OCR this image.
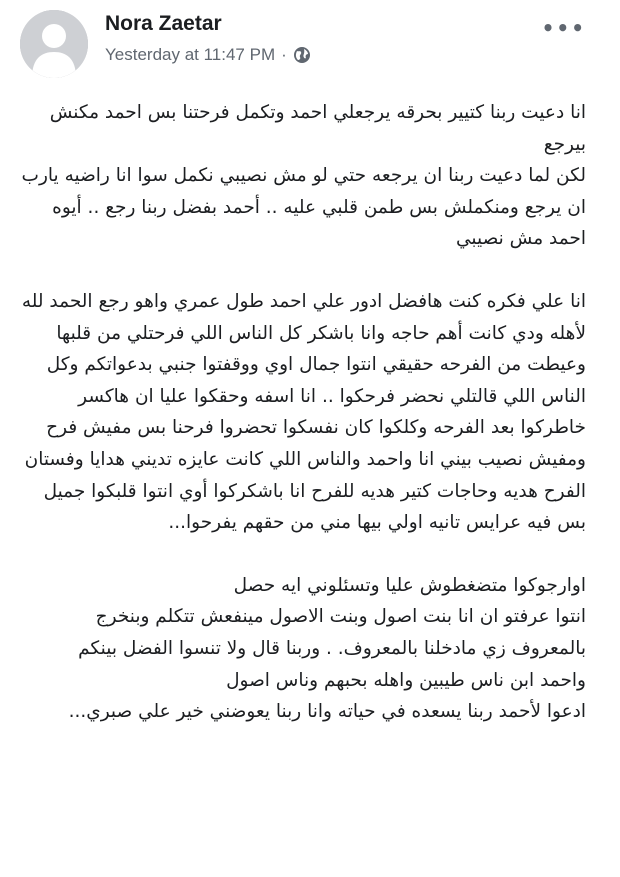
Nora Zaetar
Yesterday at 11:47 PM ·
•••

انا دعيت ربنا كتيير بحرقه يرجعلي احمد وتكمل فرحتنا بس احمد مكنش بيرجع
لكن لما دعيت ربنا ان يرجعه حتي لو مش نصيبي نكمل سوا انا راضيه يارب ان يرجع ومنكملش بس طمن قلبي عليه .. أحمد بفضل ربنا رجع .. أيوه احمد مش نصيبي

انا علي فكره كنت هافضل ادور علي احمد طول عمري واهو رجع الحمد لله لأهله ودي كانت أهم حاجه وانا باشكر كل الناس اللي فرحتلي من قلبها وعيطت من الفرحه حقيقي انتوا جمال اوي ووقفتوا جنبي بدعواتكم وكل الناس اللي قالتلي نحضر فرحكوا .. انا اسفه وحقكوا عليا ان هاكسر خاطركوا بعد الفرحه وكلكوا كان نفسكوا تحضروا فرحنا بس مفيش فرح ومفيش نصيب بيني انا واحمد والناس اللي كانت عايزه تديني هدايا وفستان الفرح هديه وحاجات كتير هديه للفرح انا باشكركوا أوي انتوا قلبكوا جميل بس فيه عرايس تانيه اولي بيها مني من حقهم يفرحوا...

اوارجوكوا متضغطوش عليا وتسئلوني ايه حصل
انتوا عرفتو ان انا بنت اصول وبنت الاصول مينفعش تتكلم وبنخرج بالمعروف زي مادخلنا بالمعروف. . وربنا قال ولا تنسوا الفضل بينكم
واحمد ابن ناس طيبين واهله بحبهم وناس اصول
ادعوا لأحمد ربنا يسعده في حياته وانا ربنا يعوضني خير علي صبري...
